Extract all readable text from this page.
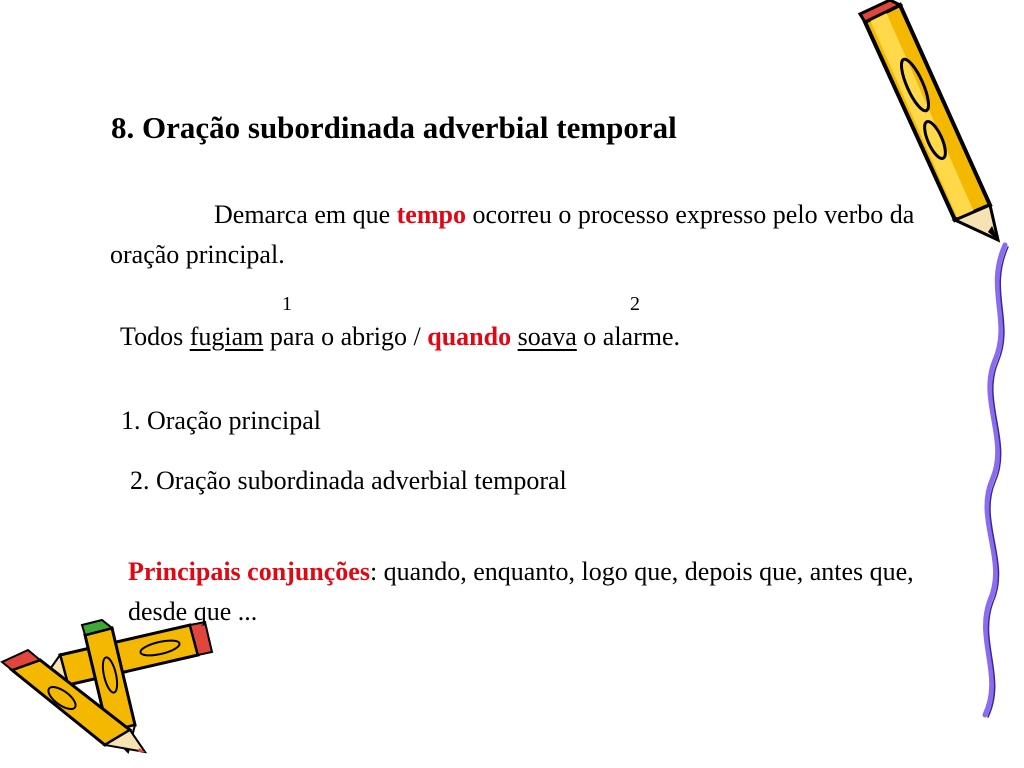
8. Oração subordinada adverbial temporal
Demarca em que tempo ocorreu o processo expresso pelo verbo da oração principal.
1	2
Todos fugiam para o abrigo / quando soava o alarme.
1. Oração principal
2. Oração subordinada adverbial temporal
Principais conjunções: quando, enquanto, logo que, depois que, antes que, desde que ...
